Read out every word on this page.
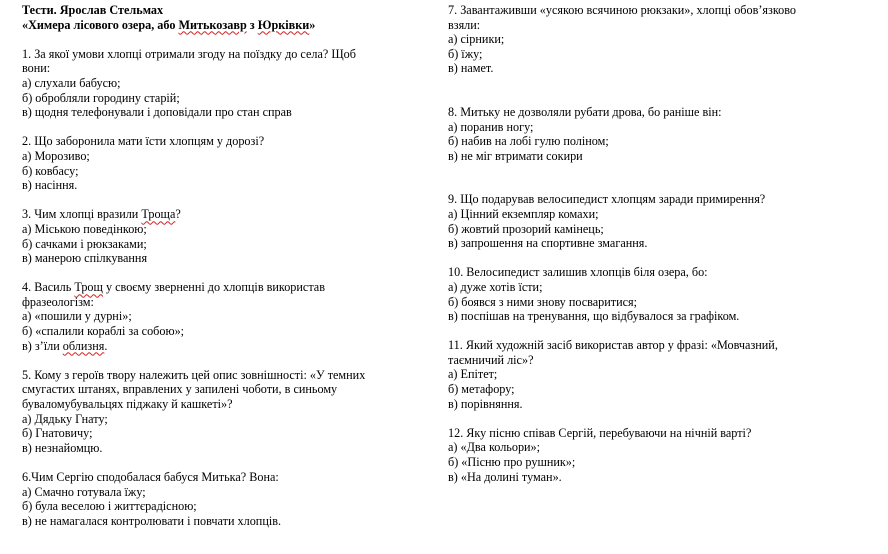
Тести. Ярослав Стельмах
«Химера лісового озера, або Митькозавр з Юрківки»
1. За якої умови хлопці отримали згоду на поїздку до села? Щоб
вони:
а) слухали бабусю;
б) обробляли городину старій;
в) щодня телефонували і доповідали про стан справ
2. Що заборонила мати їсти хлопцям у дорозі?
а) Морозиво;
б) ковбасу;
в) насіння.
3. Чим хлопці вразили Троща?
а) Міською поведінкою;
б) сачками і рюкзаками;
в) манерою спілкування
4. Василь Трощ у своєму зверненні до хлопців використав
фразеологізм:
а) «пошили у дурні»;
б) «спалили кораблі за собою»;
в) з’їли облизня.
5. Кому з героїв твору належить цей опис зовнішності: «У темних
смугастих штанях, вправлених у запилені чоботи, в синьому
буваломубувальцях піджаку й кашкеті»?
а) Дядьку Гнату;
б) Гнатовичу;
в) незнайомцю.
6.Чим Сергію сподобалася бабуся Митька? Вона:
а) Смачно готувала їжу;
б) була веселою і життєрадісною;
в) не намагалася контролювати і повчати хлопців.
7. Завантаживши «усякою всячиною рюкзаки», хлопці обов’язково
взяли:
а) сірники;
б) їжу;
в) намет.
8. Митьку не дозволяли рубати дрова, бо раніше він:
а) поранив ногу;
б) набив на лобі гулю поліном;
в) не міг втримати сокири
9. Що подарував велосипедист хлопцям заради примирення?
а) Цінний екземпляр комахи;
б) жовтий прозорий камінець;
в) запрошення на спортивне змагання.
10. Велосипедист залишив хлопців біля озера, бо:
а) дуже хотів їсти;
б) боявся з ними знову посваритися;
в) поспішав на тренування, що відбувалося за графіком.
11. Який художній засіб використав автор у фразі: «Мовчазний,
таємничий ліс»?
а) Епітет;
б) метафору;
в) порівняння.
12. Яку пісню співав Сергій, перебуваючи на нічній варті?
а) «Два кольори»;
б) «Пісню про рушник»;
в) «На долині туман».
